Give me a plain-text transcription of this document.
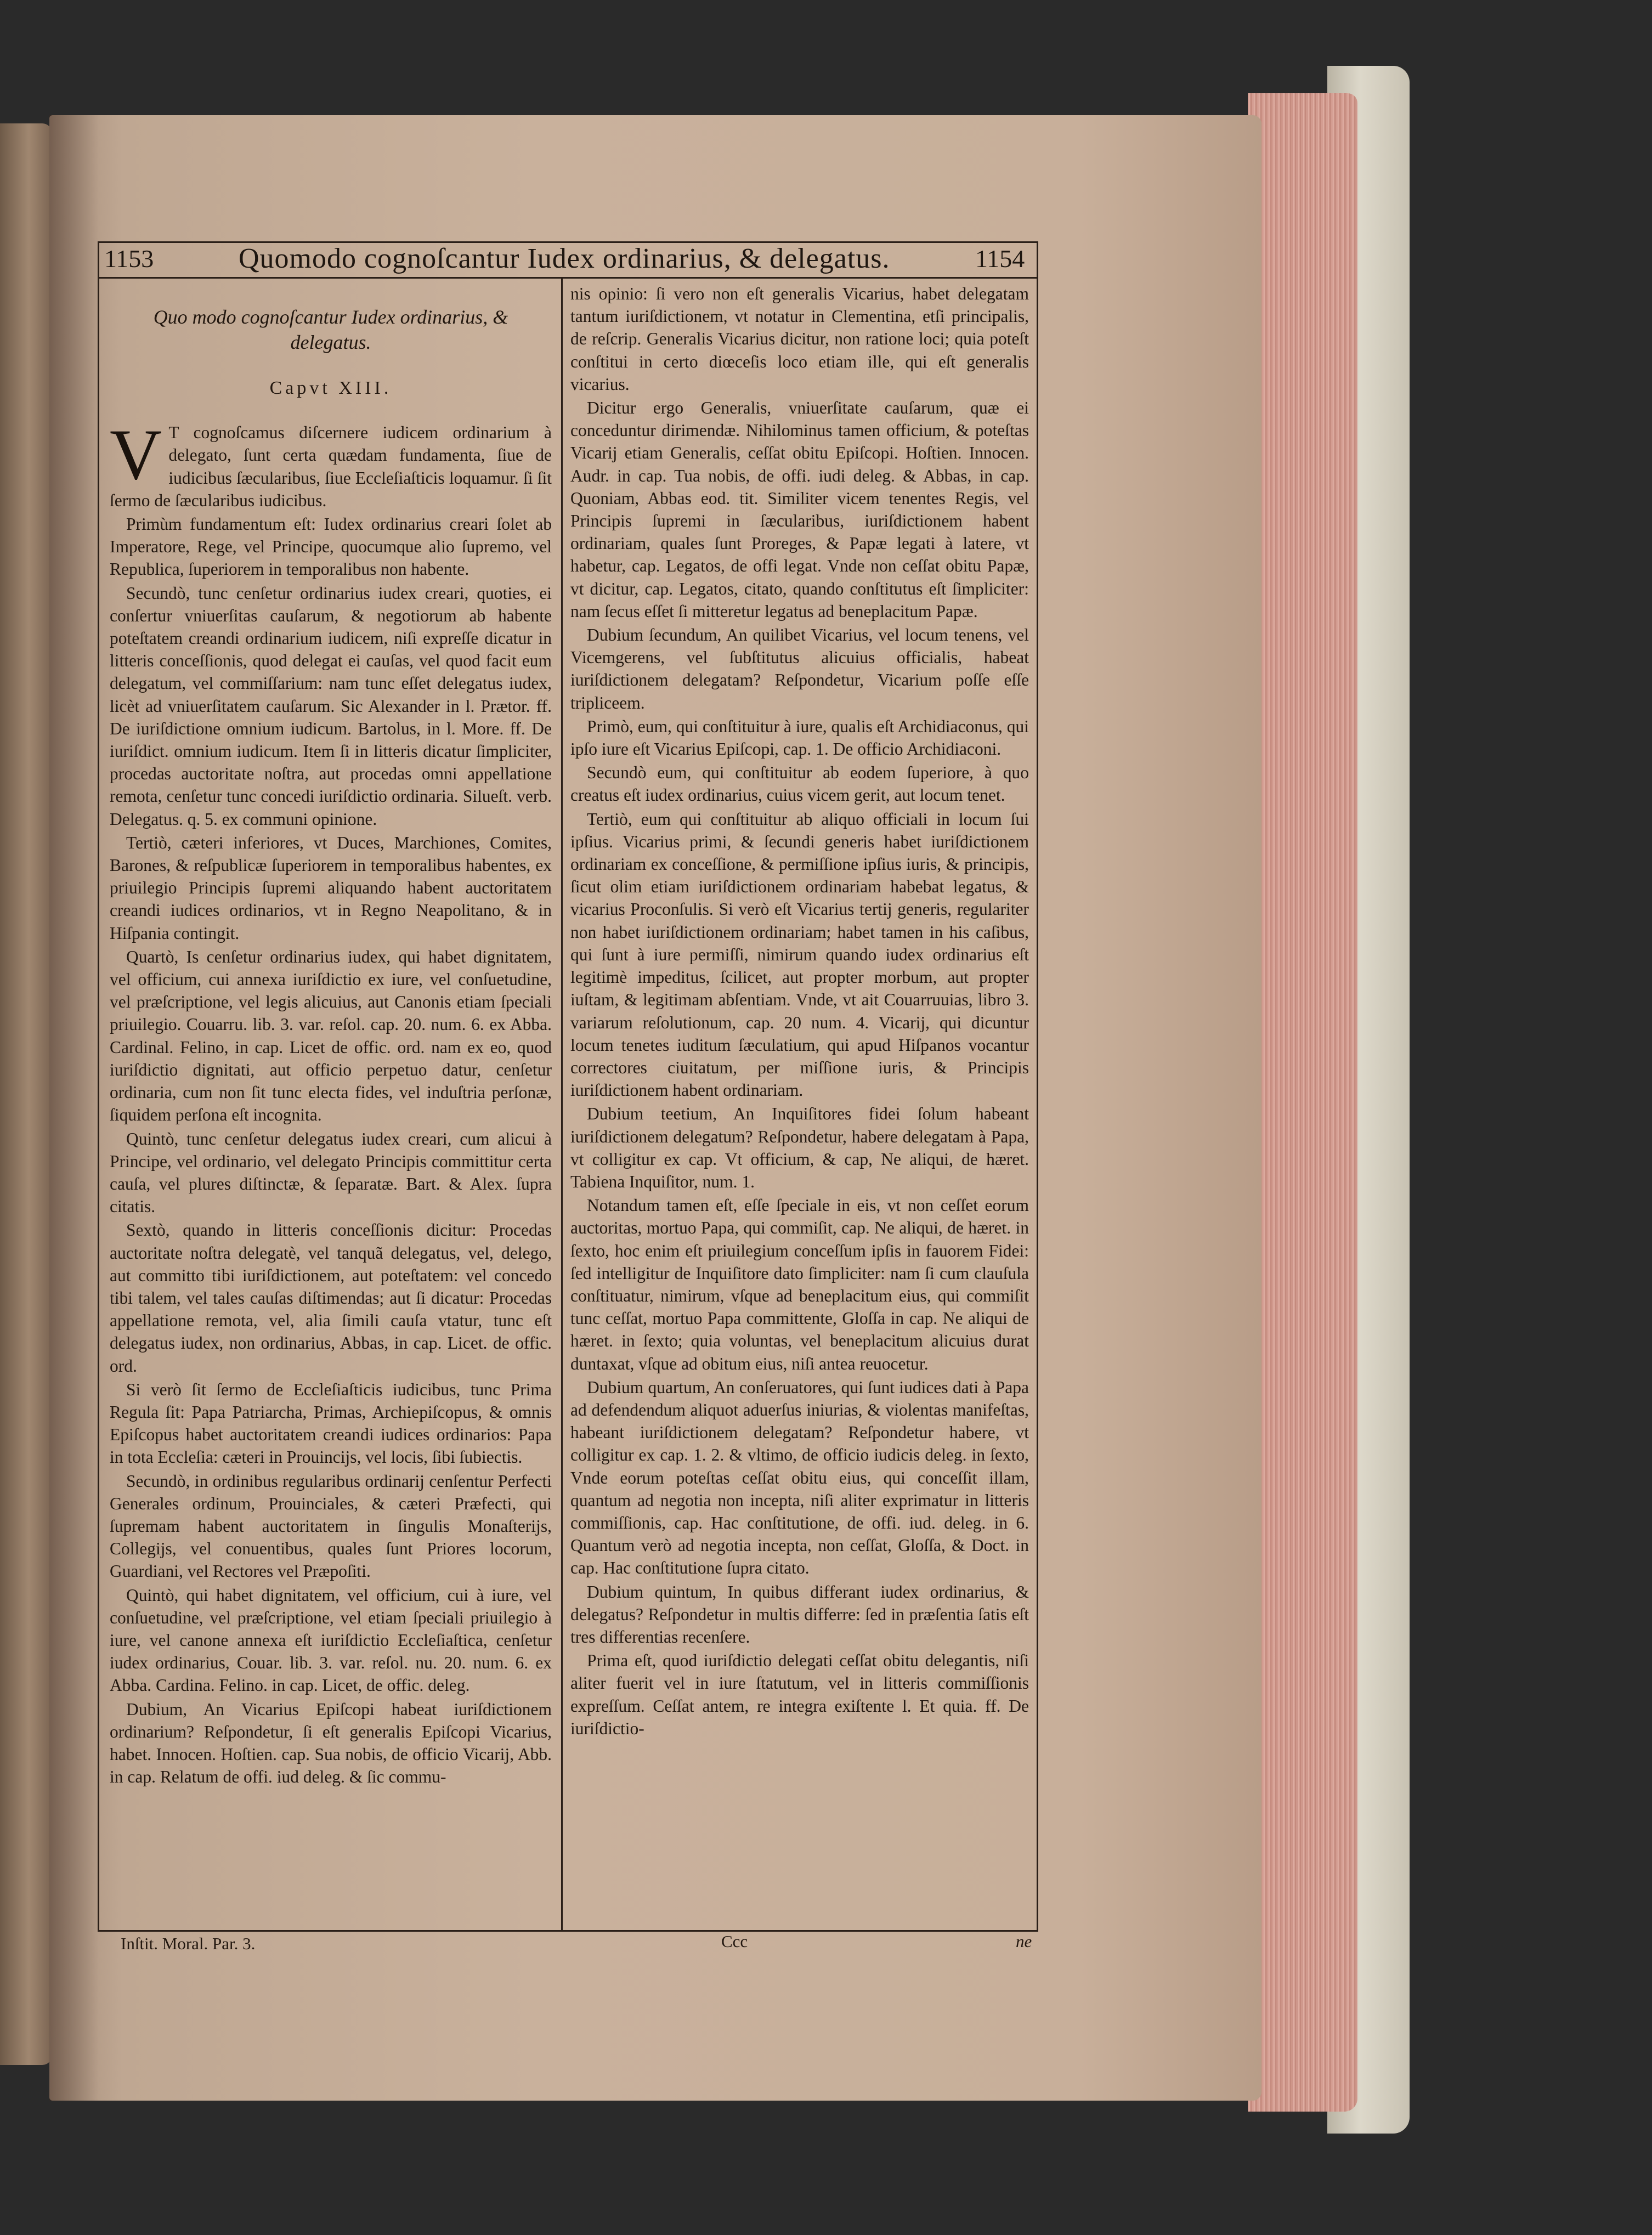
1153	Quomodo cognoſcantur Iudex ordinarius, & delegatus.	1154

Quo modo cognoſcantur Iudex ordinarius, & delegatus.

Capvt XIII.

V T cognoſcamus diſcernere iudicem ordinarium à delegato, ſunt certa quædam fundamenta, ſiue de iudicibus ſæcularibus, ſiue Eccleſiaſticis loquamur. ſi ſit ſermo de ſæcularibus iudicibus.

Primùm fundamentum eſt: Iudex ordinarius creari ſolet ab Imperatore, Rege, vel Principe, quocumque alio ſupremo, vel Republica, ſuperiorem in temporalibus non habente.

Secundò, tunc cenſetur ordinarius iudex creari, quoties, ei conſertur vniuerſitas cauſarum, & negotiorum ab habente poteſtatem creandi ordinarium iudicem, niſi expreſſe dicatur in litteris conceſſionis, quod delegat ei cauſas, vel quod facit eum delegatum, vel commiſſarium: nam tunc eſſet delegatus iudex, licèt ad vniuerſitatem cauſarum. Sic Alexander in l. Prætor. ff. De iuriſdictione omnium iudicum. Bartolus, in l. More. ff. De iuriſdict. omnium iudicum. Item ſi in litteris dicatur ſimpliciter, procedas auctoritate noſtra, aut procedas omni appellatione remota, cenſetur tunc concedi iuriſdictio ordinaria. Silueſt. verb. Delegatus. q. 5. ex communi opinione.

Tertiò, cæteri inferiores, vt Duces, Marchiones, Comites, Barones, & reſpublicæ ſuperiorem in temporalibus habentes, ex priuilegio Principis ſupremi aliquando habent auctoritatem creandi iudices ordinarios, vt in Regno Neapolitano, & in Hiſpania contingit.

Quartò, Is cenſetur ordinarius iudex, qui habet dignitatem, vel officium, cui annexa iuriſdictio ex iure, vel conſuetudine, vel præſcriptione, vel legis alicuius, aut Canonis etiam ſpeciali priuilegio. Couarru. lib. 3. var. reſol. cap. 20. num. 6. ex Abba. Cardinal. Felino, in cap. Licet de offic. ord. nam ex eo, quod iuriſdictio dignitati, aut officio perpetuo datur, cenſetur ordinaria, cum non ſit tunc electa fides, vel induſtria perſonæ, ſiquidem perſona eſt incognita.

Quintò, tunc cenſetur delegatus iudex creari, cum alicui à Principe, vel ordinario, vel delegato Principis committitur certa cauſa, vel plures diſtinctæ, & ſeparatæ. Bart. & Alex. ſupra citatis.

Sextò, quando in litteris conceſſionis dicitur: Procedas auctoritate noſtra delegatè, vel tanquã delegatus, vel, delego, aut committo tibi iuriſdictionem, aut poteſtatem: vel concedo tibi talem, vel tales cauſas diſtimendas; aut ſi dicatur: Procedas appellatione remota, vel, alia ſimili cauſa vtatur, tunc eſt delegatus iudex, non ordinarius, Abbas, in cap. Licet. de offic. ord.

Si verò ſit ſermo de Eccleſiaſticis iudicibus, tunc Prima Regula ſit: Papa Patriarcha, Primas, Archiepiſcopus, & omnis Epiſcopus habet auctoritatem creandi iudices ordinarios: Papa in tota Eccleſia: cæteri in Prouincijs, vel locis, ſibi ſubiectis.

Secundò, in ordinibus regularibus ordinarij cenſentur Perfecti Generales ordinum, Prouinciales, & cæteri Præfecti, qui ſupremam habent auctoritatem in ſingulis Monaſterijs, Collegijs, vel conuentibus, quales ſunt Priores locorum, Guardiani, vel Rectores vel Præpoſiti.

Quintò, qui habet dignitatem, vel officium, cui à iure, vel conſuetudine, vel præſcriptione, vel etiam ſpeciali priuilegio à iure, vel canone annexa eſt iuriſdictio Eccleſiaſtica, cenſetur iudex ordinarius, Couar. lib. 3. var. reſol. nu. 20. num. 6. ex Abba. Cardina. Felino. in cap. Licet, de offic. deleg.

Dubium, An Vicarius Epiſcopi habeat iuriſdictionem ordinarium? Reſpondetur, ſi eſt generalis Epiſcopi Vicarius, habet. Innocen. Hoſtien. cap. Sua nobis, de officio Vicarij, Abb. in cap. Relatum de offi. iud deleg. & ſic commu-

nis opinio: ſi vero non eſt generalis Vicarius, habet delegatam tantum iuriſdictionem, vt notatur in Clementina, etſi principalis, de reſcrip. Generalis Vicarius dicitur, non ratione loci; quia poteſt conſtitui in certo diœceſis loco etiam ille, qui eſt generalis vicarius.

Dicitur ergo Generalis, vniuerſitate cauſarum, quæ ei conceduntur dirimendæ. Nihilominus tamen officium, & poteſtas Vicarij etiam Generalis, ceſſat obitu Epiſcopi. Hoſtien. Innocen. Audr. in cap. Tua nobis, de offi. iudi deleg. & Abbas, in cap. Quoniam, Abbas eod. tit. Similiter vicem tenentes Regis, vel Principis ſupremi in ſæcularibus, iuriſdictionem habent ordinariam, quales ſunt Proreges, & Papæ legati à latere, vt habetur, cap. Legatos, de offi legat. Vnde non ceſſat obitu Papæ, vt dicitur, cap. Legatos, citato, quando conſtitutus eſt ſimpliciter: nam ſecus eſſet ſi mitteretur legatus ad beneplacitum Papæ.

Dubium ſecundum, An quilibet Vicarius, vel locum tenens, vel Vicemgerens, vel ſubſtitutus alicuius officialis, habeat iuriſdictionem delegatam? Reſpondetur, Vicarium poſſe eſſe tripliceem.

Primò, eum, qui conſtituitur à iure, qualis eſt Archidiaconus, qui ipſo iure eſt Vicarius Epiſcopi, cap. 1. De officio Archidiaconi.

Secundò eum, qui conſtituitur ab eodem ſuperiore, à quo creatus eſt iudex ordinarius, cuius vicem gerit, aut locum tenet.

Tertiò, eum qui conſtituitur ab aliquo officiali in locum ſui ipſius. Vicarius primi, & ſecundi generis habet iuriſdictionem ordinariam ex conceſſione, & permiſſione ipſius iuris, & principis, ſicut olim etiam iuriſdictionem ordinariam habebat legatus, & vicarius Proconſulis. Si verò eſt Vicarius tertij generis, regulariter non habet iuriſdictionem ordinariam; habet tamen in his caſibus, qui ſunt à iure permiſſi, nimirum quando iudex ordinarius eſt legitimè impeditus, ſcilicet, aut propter morbum, aut propter iuſtam, & legitimam abſentiam. Vnde, vt ait Couarruuias, libro 3. variarum reſolutionum, cap. 20 num. 4. Vicarij, qui dicuntur locum tenetes iuditum ſæculatium, qui apud Hiſpanos vocantur correctores ciuitatum, per miſſione iuris, & Principis iuriſdictionem habent ordinariam.

Dubium teetium, An Inquiſitores fidei ſolum habeant iuriſdictionem delegatum? Reſpondetur, habere delegatam à Papa, vt colligitur ex cap. Vt officium, & cap, Ne aliqui, de hæret. Tabiena Inquiſitor, num. 1.

Notandum tamen eſt, eſſe ſpeciale in eis, vt non ceſſet eorum auctoritas, mortuo Papa, qui commiſit, cap. Ne aliqui, de hæret. in ſexto, hoc enim eſt priuilegium conceſſum ipſis in fauorem Fidei: ſed intelligitur de Inquiſitore dato ſimpliciter: nam ſi cum clauſula conſtituatur, nimirum, vſque ad beneplacitum eius, qui commiſit tunc ceſſat, mortuo Papa committente, Gloſſa in cap. Ne aliqui de hæret. in ſexto; quia voluntas, vel beneplacitum alicuius durat duntaxat, vſque ad obitum eius, niſi antea reuocetur.

Dubium quartum, An conſeruatores, qui ſunt iudices dati à Papa ad defendendum aliquot aduerſus iniurias, & violentas manifeſtas, habeant iuriſdictionem delegatam? Reſpondetur habere, vt colligitur ex cap. 1. 2. & vltimo, de officio iudicis deleg. in ſexto, Vnde eorum poteſtas ceſſat obitu eius, qui conceſſit illam, quantum ad negotia non incepta, niſi aliter exprimatur in litteris commiſſionis, cap. Hac conſtitutione, de offi. iud. deleg. in 6. Quantum verò ad negotia incepta, non ceſſat, Gloſſa, & Doct. in cap. Hac conſtitutione ſupra citato.

Dubium quintum, In quibus differant iudex ordinarius, & delegatus? Reſpondetur in multis differre: ſed in præſentia ſatis eſt tres differentias recenſere.

Prima eſt, quod iuriſdictio delegati ceſſat obitu delegantis, niſi aliter fuerit vel in iure ſtatutum, vel in litteris commiſſionis expreſſum. Ceſſat antem, re integra exiſtente l. Et quia. ff. De iuriſdictio-

Inſtit. Moral. Par. 3.	Ccc	ne
